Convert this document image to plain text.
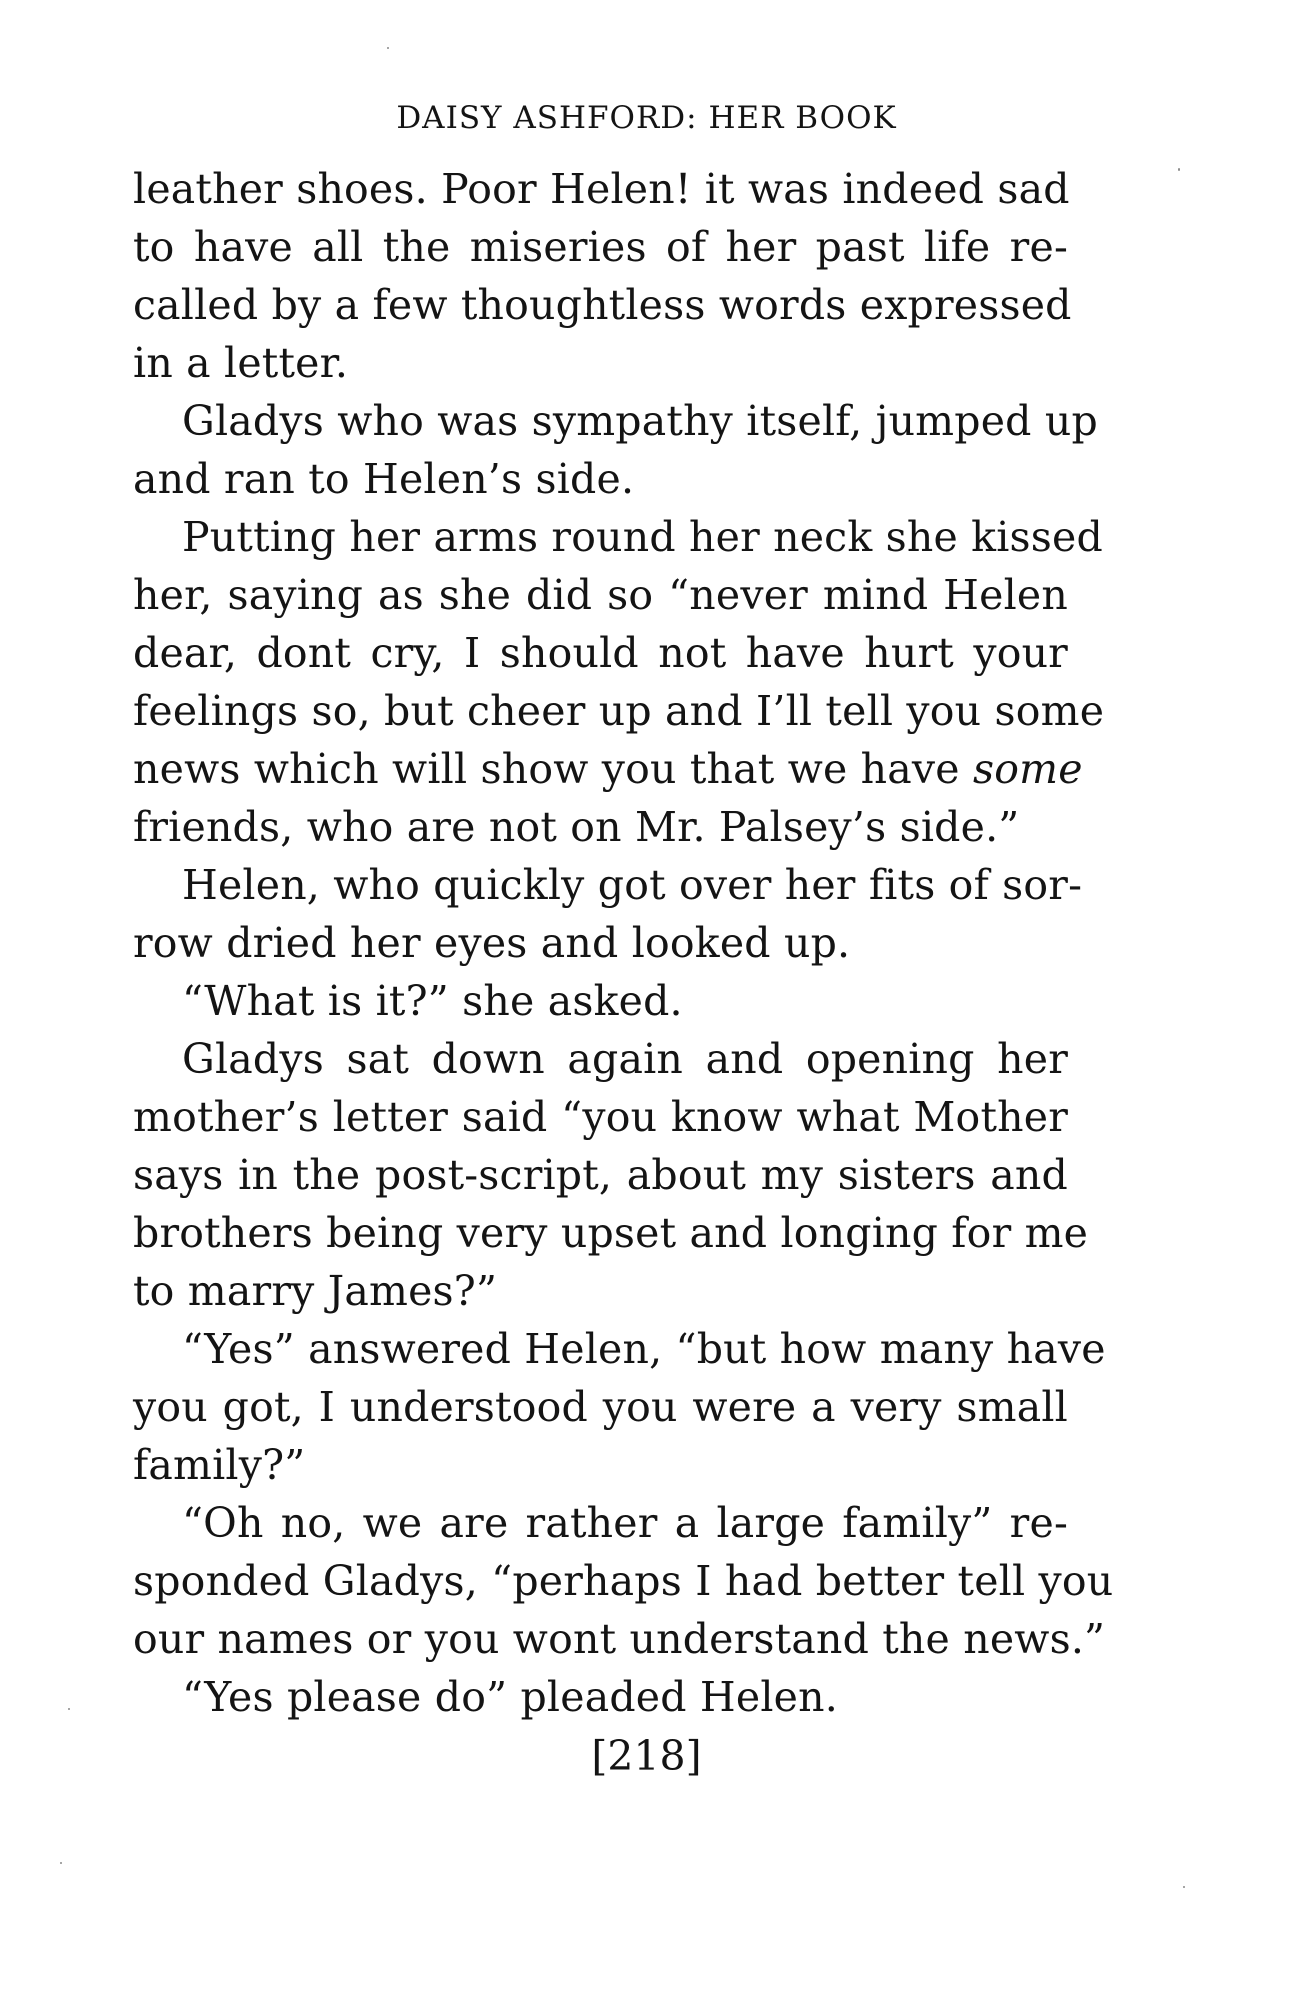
DAISY ASHFORD: HER BOOK
leather shoes. Poor Helen! it was indeed sad
to have all the miseries of her past life re-
called by a few thoughtless words expressed
in a letter.
Gladys who was sympathy itself, jumped up
and ran to Helen’s side.
Putting her arms round her neck she kissed
her, saying as she did so “never mind Helen
dear, dont cry, I should not have hurt your
feelings so, but cheer up and I’ll tell you some
news which will show you that we have some
friends, who are not on Mr. Palsey’s side.”
Helen, who quickly got over her fits of sor-
row dried her eyes and looked up.
“What is it?” she asked.
Gladys sat down again and opening her
mother’s letter said “you know what Mother
says in the post-script, about my sisters and
brothers being very upset and longing for me
to marry James?”
“Yes” answered Helen, “but how many have
you got, I understood you were a very small
family?”
“Oh no, we are rather a large family” re-
sponded Gladys, “perhaps I had better tell you
our names or you wont understand the news.”
“Yes please do” pleaded Helen.
[218]
